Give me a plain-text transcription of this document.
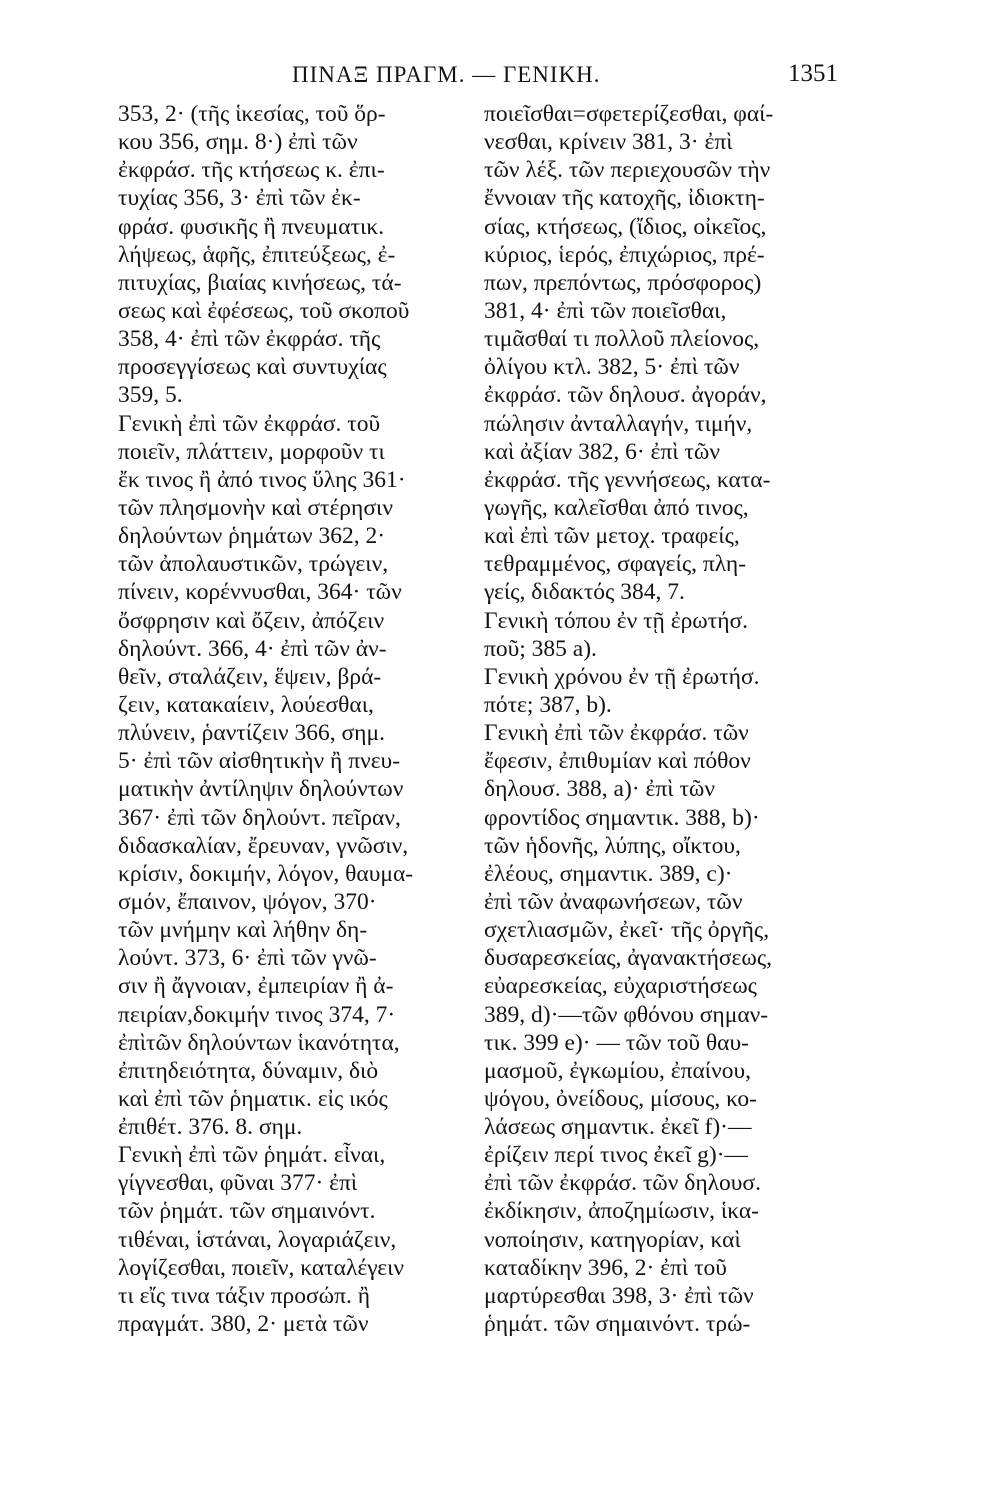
ΠΙΝΑΞ ΠΡΑΓΜ. — ΓΕΝΙΚΗ.	1351
353, 2· (τῆς ἱκεσίας, τοῦ ὅρ-
κου 356, σημ. 8·) ἐπὶ τῶν
ἐκφράσ. τῆς κτήσεως κ. ἐπι-
τυχίας 356, 3· ἐπὶ τῶν ἐκ-
φράσ. φυσικῆς ἢ πνευματικ.
λήψεως, ἁφῆς, ἐπιτεύξεως, ἐ-
πιτυχίας, βιαίας κινήσεως, τά-
σεως καὶ ἐφέσεως, τοῦ σκοποῦ
358, 4· ἐπὶ τῶν ἐκφράσ. τῆς
προσεγγίσεως καὶ συντυχίας
359, 5.
Γενικὴ ἐπὶ τῶν ἐκφράσ. τοῦ
ποιεῖν, πλάττειν, μορφοῦν τι
ἔκ τινος ἢ ἀπό τινος ὕλης 361·
τῶν πλησμονὴν καὶ στέρησιν
δηλούντων ῥημάτων 362, 2·
τῶν ἀπολαυστικῶν, τρώγειν,
πίνειν, κορέννυσθαι, 364· τῶν
ὄσφρησιν καὶ ὄζειν, ἀπόζειν
δηλούντ. 366, 4· ἐπὶ τῶν ἀν-
θεῖν, σταλάζειν, ἕψειν, βρά-
ζειν, κατακαίειν, λούεσθαι,
πλύνειν, ῥαντίζειν 366, σημ.
5· ἐπὶ τῶν αἰσθητικὴν ἢ πνευ-
ματικὴν ἀντίληψιν δηλούντων
367· ἐπὶ τῶν δηλούντ. πεῖραν,
διδασκαλίαν, ἔρευναν, γνῶσιν,
κρίσιν, δοκιμήν, λόγον, θαυμα-
σμόν, ἔπαινον, ψόγον, 370·
τῶν μνήμην καὶ λήθην δη-
λούντ. 373, 6· ἐπὶ τῶν γνῶ-
σιν ἢ ἄγνοιαν, ἐμπειρίαν ἢ ἀ-
πειρίαν,δοκιμήν τινος 374, 7·
ἐπὶτῶν δηλούντων ἱκανότητα,
ἐπιτηδειότητα, δύναμιν, διὸ
καὶ ἐπὶ τῶν ῥηματικ. εἰς ικός
ἐπιθέτ. 376. 8. σημ.
Γενικὴ ἐπὶ τῶν ῥημάτ. εἶναι,
γίγνεσθαι, φῦναι 377· ἐπὶ
τῶν ῥημάτ. τῶν σημαινόντ.
τιθέναι, ἱστάναι, λογαριάζειν,
λογίζεσθαι, ποιεῖν, καταλέγειν
τι εἴς τινα τάξιν προσώπ. ἢ
πραγμάτ. 380, 2· μετὰ τῶν
ποιεῖσθαι=σφετερίζεσθαι, φαί-
νεσθαι, κρίνειν 381, 3· ἐπὶ
τῶν λέξ. τῶν περιεχουσῶν τὴν
ἔννοιαν τῆς κατοχῆς, ἰδιοκτη-
σίας, κτήσεως, (ἴδιος, οἰκεῖος,
κύριος, ἱερός, ἐπιχώριος, πρέ-
πων, πρεπόντως, πρόσφορος)
381, 4· ἐπὶ τῶν ποιεῖσθαι,
τιμᾶσθαί τι πολλοῦ πλείονος,
ὀλίγου κτλ. 382, 5· ἐπὶ τῶν
ἐκφράσ. τῶν δηλουσ. ἀγοράν,
πώλησιν ἀνταλλαγήν, τιμήν,
καὶ ἀξίαν 382, 6· ἐπὶ τῶν
ἐκφράσ. τῆς γεννήσεως, κατα-
γωγῆς, καλεῖσθαι ἀπό τινος,
καὶ ἐπὶ τῶν μετοχ. τραφείς,
τεθραμμένος, σφαγείς, πλη-
γείς, διδακτός 384, 7.
Γενικὴ τόπου ἐν τῇ ἐρωτήσ.
ποῦ; 385 a).
Γενικὴ χρόνου ἐν τῇ ἐρωτήσ.
πότε; 387, b).
Γενικὴ ἐπὶ τῶν ἐκφράσ. τῶν
ἔφεσιν, ἐπιθυμίαν καὶ πόθον
δηλουσ. 388, a)· ἐπὶ τῶν
φροντίδος σημαντικ. 388, b)·
τῶν ἡδονῆς, λύπης, οἴκτου,
ἐλέους, σημαντικ. 389, c)·
ἐπὶ τῶν ἀναφωνήσεων, τῶν
σχετλιασμῶν, ἐκεῖ· τῆς ὀργῆς,
δυσαρεσκείας, ἀγανακτήσεως,
εὐαρεσκείας, εὐχαριστήσεως
389, d)·—τῶν φθόνου σημαν-
τικ. 399 e)· — τῶν τοῦ θαυ-
μασμοῦ, ἐγκωμίου, ἐπαίνου,
ψόγου, ὀνείδους, μίσους, κο-
λάσεως σημαντικ. ἐκεῖ f)·—
ἐρίζειν περί τινος ἐκεῖ g)·—
ἐπὶ τῶν ἐκφράσ. τῶν δηλουσ.
ἐκδίκησιν, ἀποζημίωσιν, ἱκα-
νοποίησιν, κατηγορίαν, καὶ
καταδίκην 396, 2· ἐπὶ τοῦ
μαρτύρεσθαι 398, 3· ἐπὶ τῶν
ῥημάτ. τῶν σημαινόντ. τρώ-
